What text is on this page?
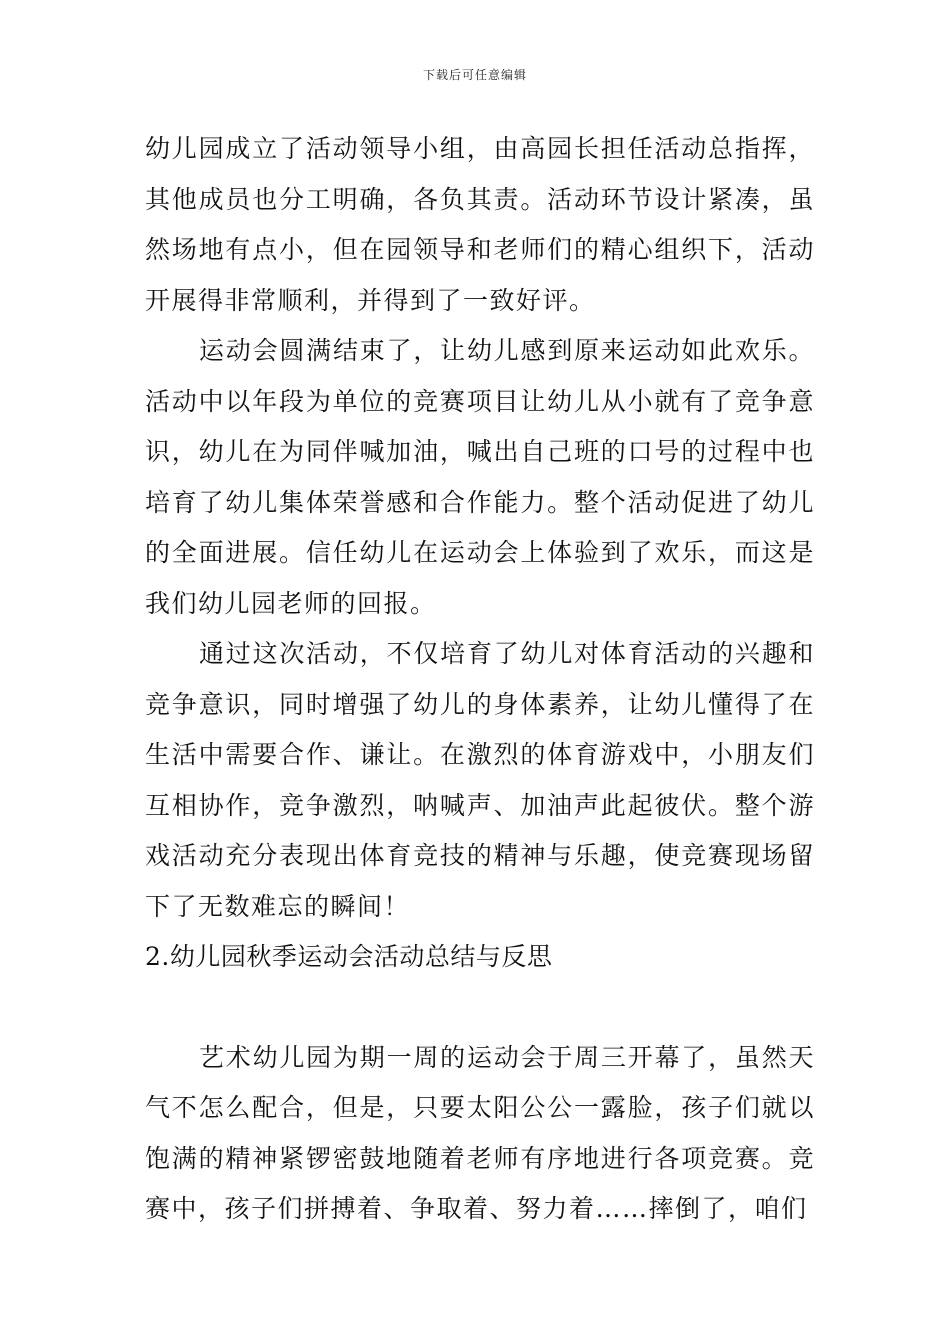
下载后可任意编辑

幼儿园成立了活动领导小组，由高园长担任活动总指挥，其他成员也分工明确，各负其责。活动环节设计紧凑，虽然场地有点小，但在园领导和老师们的精心组织下，活动开展得非常顺利，并得到了一致好评。

运动会圆满结束了，让幼儿感到原来运动如此欢乐。活动中以年段为单位的竞赛项目让幼儿从小就有了竞争意识，幼儿在为同伴喊加油，喊出自己班的口号的过程中也培育了幼儿集体荣誉感和合作能力。整个活动促进了幼儿的全面进展。信任幼儿在运动会上体验到了欢乐，而这是我们幼儿园老师的回报。

通过这次活动，不仅培育了幼儿对体育活动的兴趣和竞争意识，同时增强了幼儿的身体素养，让幼儿懂得了在生活中需要合作、谦让。在激烈的体育游戏中，小朋友们互相协作，竞争激烈，呐喊声、加油声此起彼伏。整个游戏活动充分表现出体育竞技的精神与乐趣，使竞赛现场留下了无数难忘的瞬间！

2.幼儿园秋季运动会活动总结与反思

艺术幼儿园为期一周的运动会于周三开幕了，虽然天气不怎么配合，但是，只要太阳公公一露脸，孩子们就以饱满的精神紧锣密鼓地随着老师有序地进行各项竞赛。竞赛中，孩子们拼搏着、争取着、努力着……摔倒了，咱们
